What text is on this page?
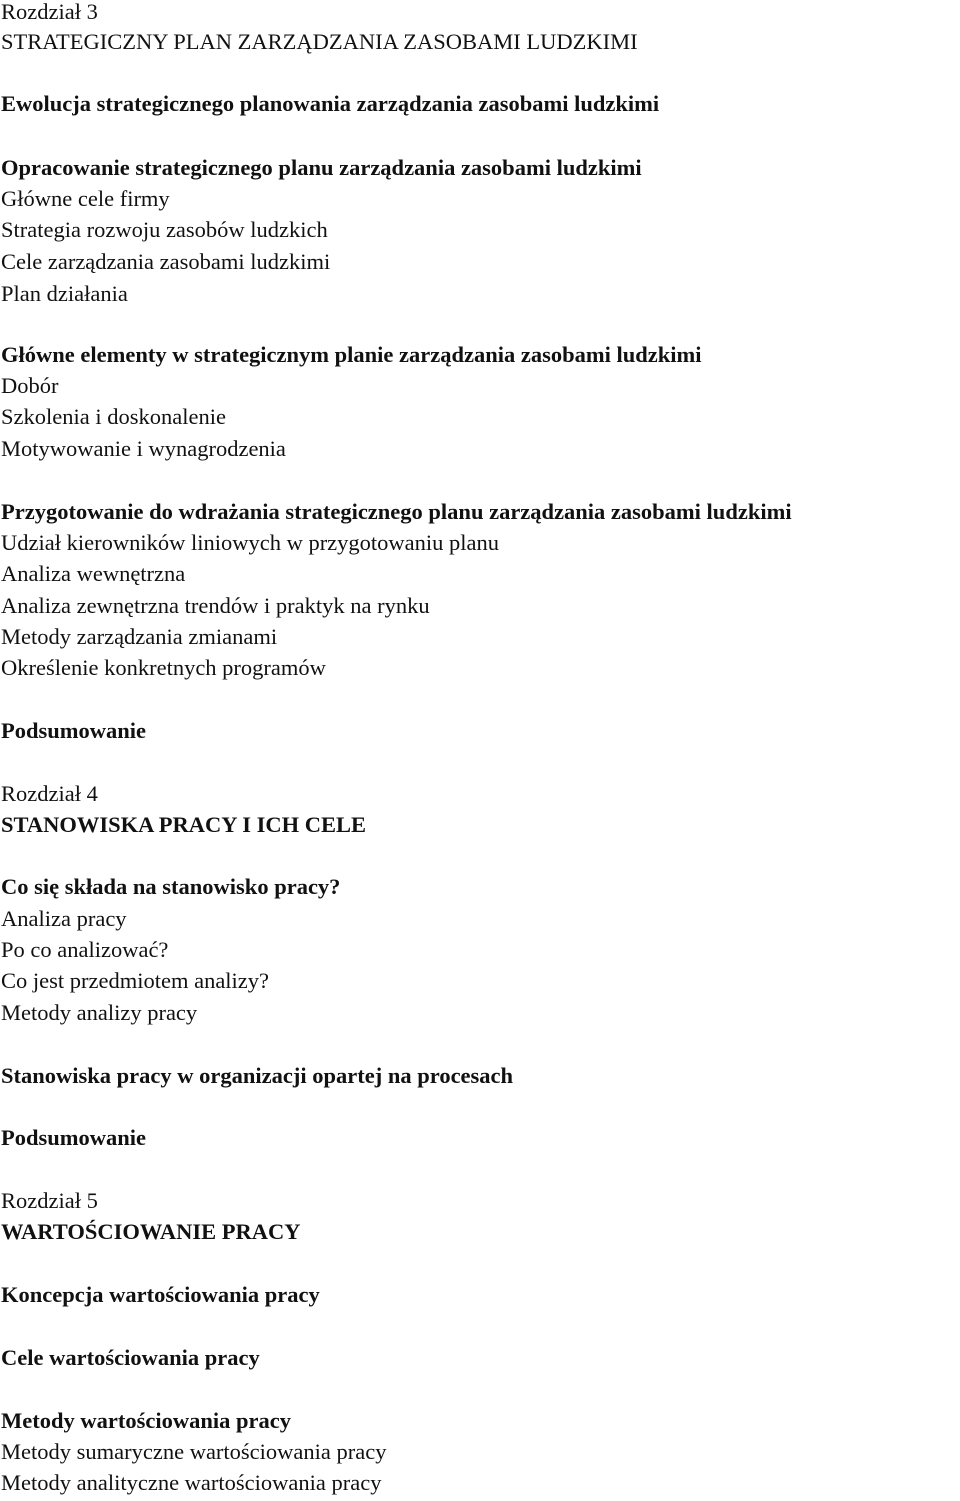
Rozdział 3
STRATEGICZNY PLAN ZARZĄDZANIA ZASOBAMI LUDZKIMI
Ewolucja strategicznego planowania zarządzania zasobami ludzkimi
Opracowanie strategicznego planu zarządzania zasobami ludzkimi
Główne cele firmy
Strategia rozwoju zasobów ludzkich
Cele zarządzania zasobami ludzkimi
Plan działania
Główne elementy w strategicznym planie zarządzania zasobami ludzkimi
Dobór
Szkolenia i doskonalenie
Motywowanie i wynagrodzenia
Przygotowanie do wdrażania strategicznego planu zarządzania zasobami ludzkimi
Udział kierowników liniowych w przygotowaniu planu
Analiza wewnętrzna
Analiza zewnętrzna trendów i praktyk na rynku
Metody zarządzania zmianami
Określenie konkretnych programów
Podsumowanie
Rozdział 4
STANOWISKA PRACY I ICH CELE
Co się składa na stanowisko pracy?
Analiza pracy
Po co analizować?
Co jest przedmiotem analizy?
Metody analizy pracy
Stanowiska pracy w organizacji opartej na procesach
Podsumowanie
Rozdział 5
WARTOŚCIOWANIE PRACY
Koncepcja wartościowania pracy
Cele wartościowania pracy
Metody wartościowania pracy
Metody sumaryczne wartościowania pracy
Metody analityczne wartościowania pracy
